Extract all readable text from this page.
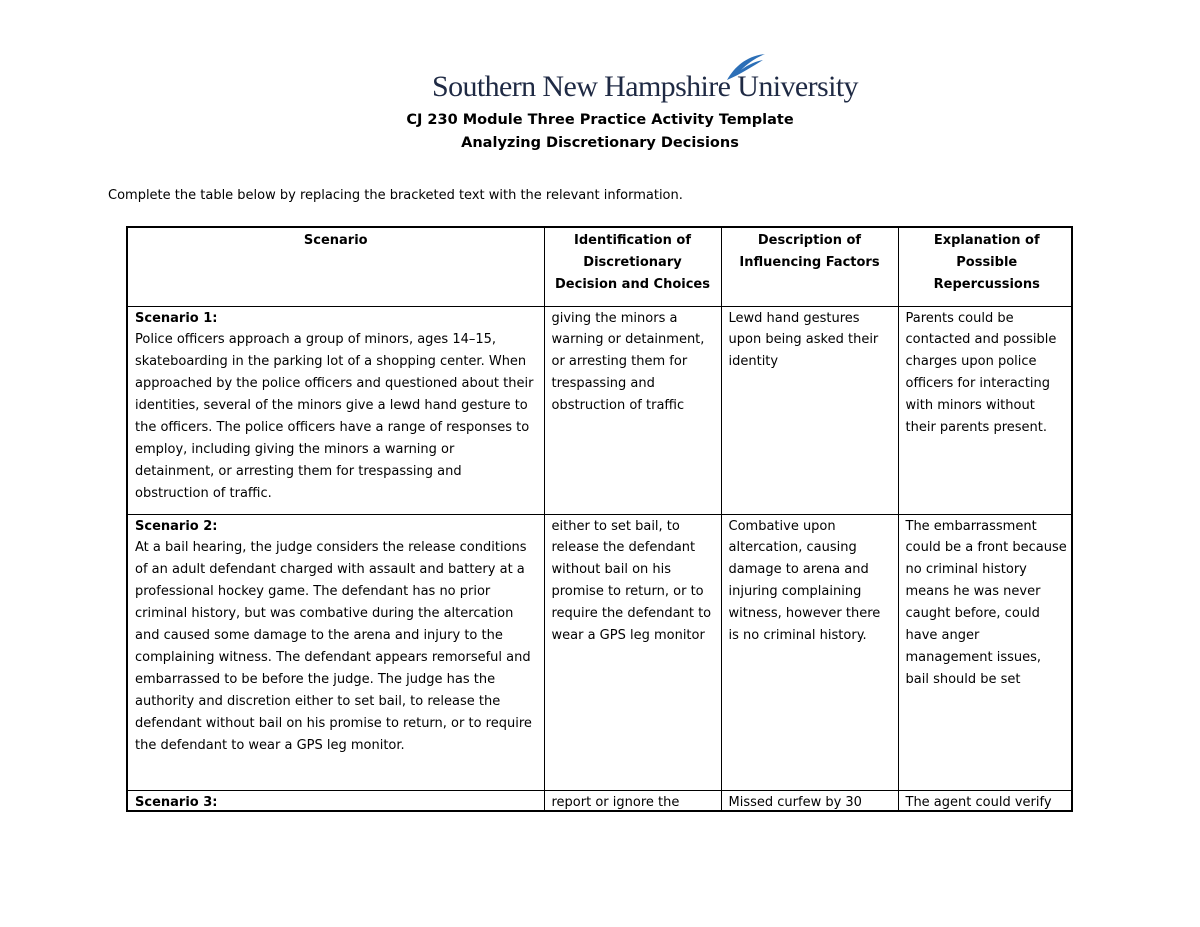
Southern New Hampshire University
CJ 230 Module Three Practice Activity Template
Analyzing Discretionary Decisions
Complete the table below by replacing the bracketed text with the relevant information.
Scenario	Identification of Discretionary Decision and Choices	Description of Influencing Factors	Explanation of Possible Repercussions

Scenario 1:
Police officers approach a group of minors, ages 14–15, skateboarding in the parking lot of a shopping center. When approached by the police officers and questioned about their identities, several of the minors give a lewd hand gesture to the officers. The police officers have a range of responses to employ, including giving the minors a warning or detainment, or arresting them for trespassing and obstruction of traffic.	giving the minors a warning or detainment, or arresting them for trespassing and obstruction of traffic	Lewd hand gestures upon being asked their identity	Parents could be contacted and possible charges upon police officers for interacting with minors without their parents present.

Scenario 2:
At a bail hearing, the judge considers the release conditions of an adult defendant charged with assault and battery at a professional hockey game. The defendant has no prior criminal history, but was combative during the altercation and caused some damage to the arena and injury to the complaining witness. The defendant appears remorseful and embarrassed to be before the judge. The judge has the authority and discretion either to set bail, to release the defendant without bail on his promise to return, or to require the defendant to wear a GPS leg monitor.	either to set bail, to release the defendant without bail on his promise to return, or to require the defendant to wear a GPS leg monitor	Combative upon altercation, causing damage to arena and injuring complaining witness, however there is no criminal history.	The embarrassment could be a front because no criminal history means he was never caught before, could have anger management issues, bail should be set

Scenario 3:	report or ignore the	Missed curfew by 30	The agent could verify
